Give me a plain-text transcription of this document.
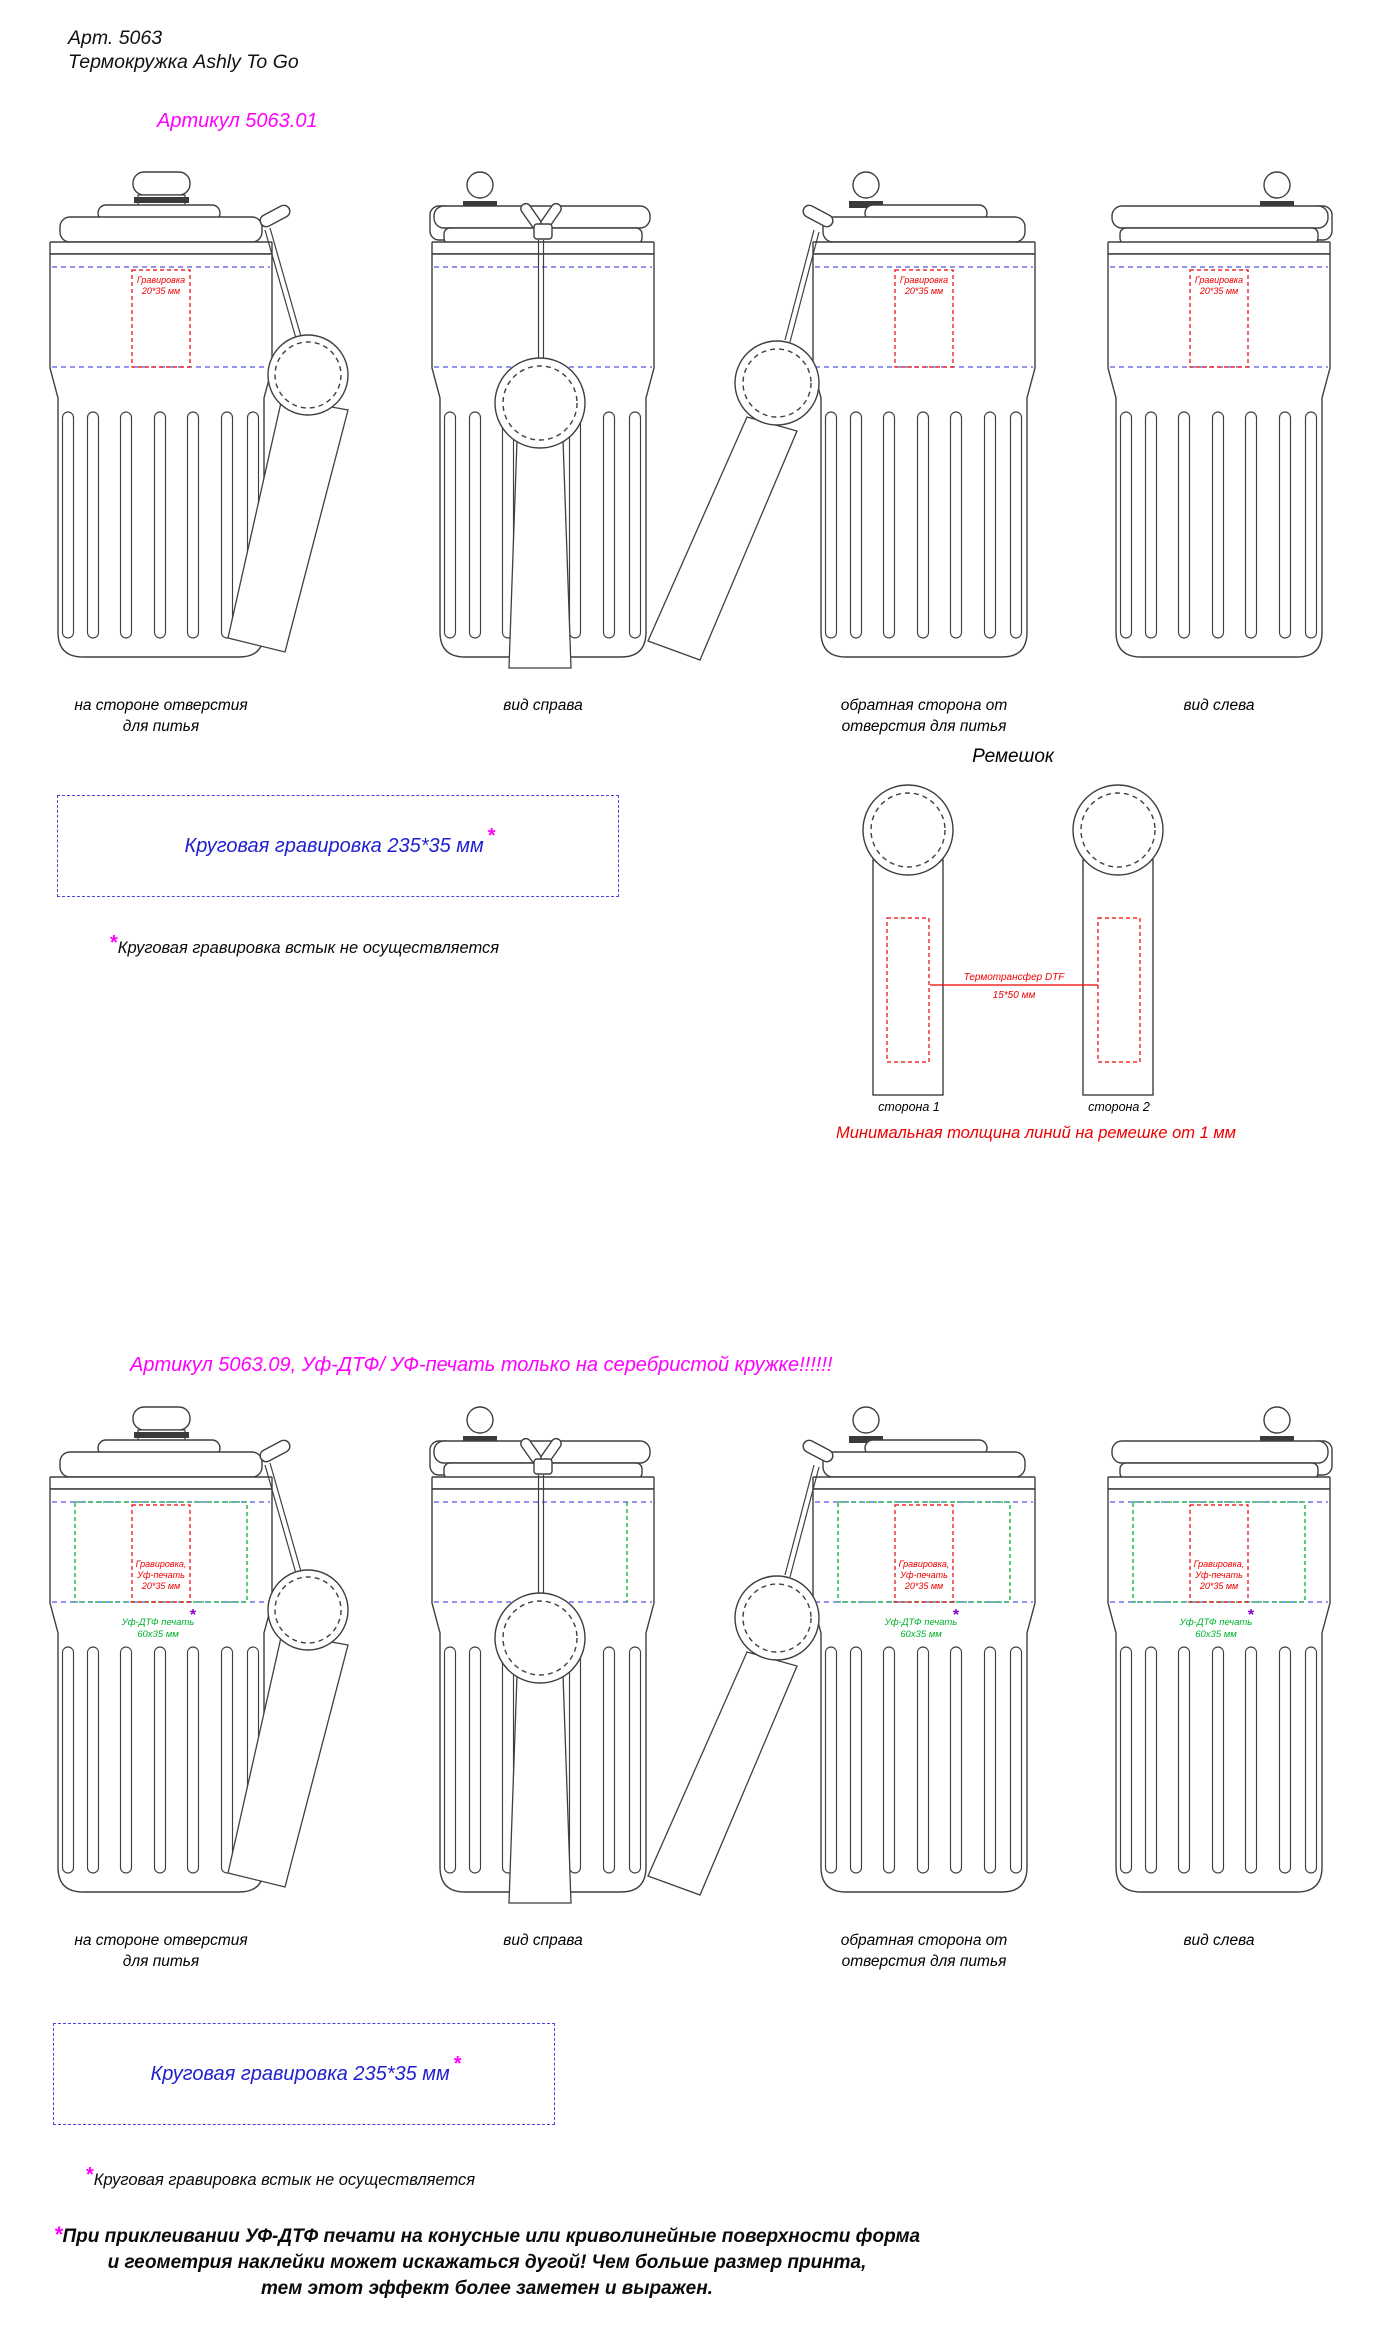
Гравировка
20*35 мм
Гравировка
20*35 мм
Гравировка
20*35 мм
Гравировка,
Уф-печать
20*35 мм
Уф-ДТФ печать
60x35 мм
*
Гравировка,
Уф-печать
20*35 мм
Уф-ДТФ печать
60x35 мм
*
Гравировка,
Уф-печать
20*35 мм
Уф-ДТФ печать
60x35 мм
*
Термотрансфер DTF
15*50 мм
Арт. 5063
Термокружка Ashly To Go
Артикул 5063.01
на стороне отверстия
для питья
вид справа	обратная сторона от
отверстия для питья
вид слева
Ремешок
сторона 1	сторона 2
Минимальная толщина линий на ремешке от 1 мм
Круговая гравировка 235*35 мм *
* Круговая гравировка встык не осуществляется
Артикул 5063.09, Уф-ДТФ/ УФ-печать только на серебристой кружке!!!!!!
на стороне отверстия
для питья
вид справа	обратная сторона от
отверстия для питья
вид слева
Круговая гравировка 235*35 мм *
* Круговая гравировка встык не осуществляется
*При приклеивании УФ-ДТФ печати на конусные или криволинейные поверхности форма
и геометрия наклейки может искажаться дугой! Чем больше размер принта,
тем этот эффект более заметен и выражен.
